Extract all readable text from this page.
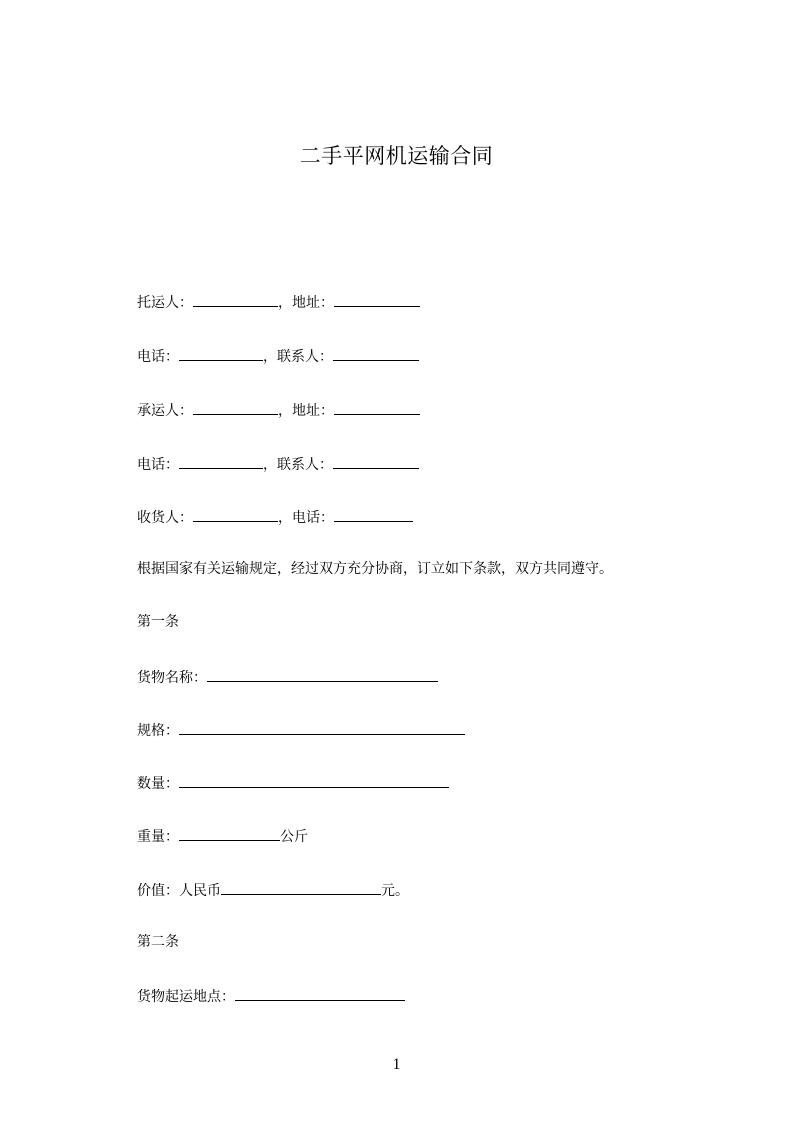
二手平网机运输合同
托运人：	，地址：
电话：	，联系人：
承运人：	，地址：
电话：	，联系人：
收货人：	，电话：
根据国家有关运输规定，经过双方充分协商，订立如下条款，双方共同遵守。
第一条
货物名称：
规格：
数量：
重量：	公斤
价值：人民币	元。
第二条
货物起运地点：
1
